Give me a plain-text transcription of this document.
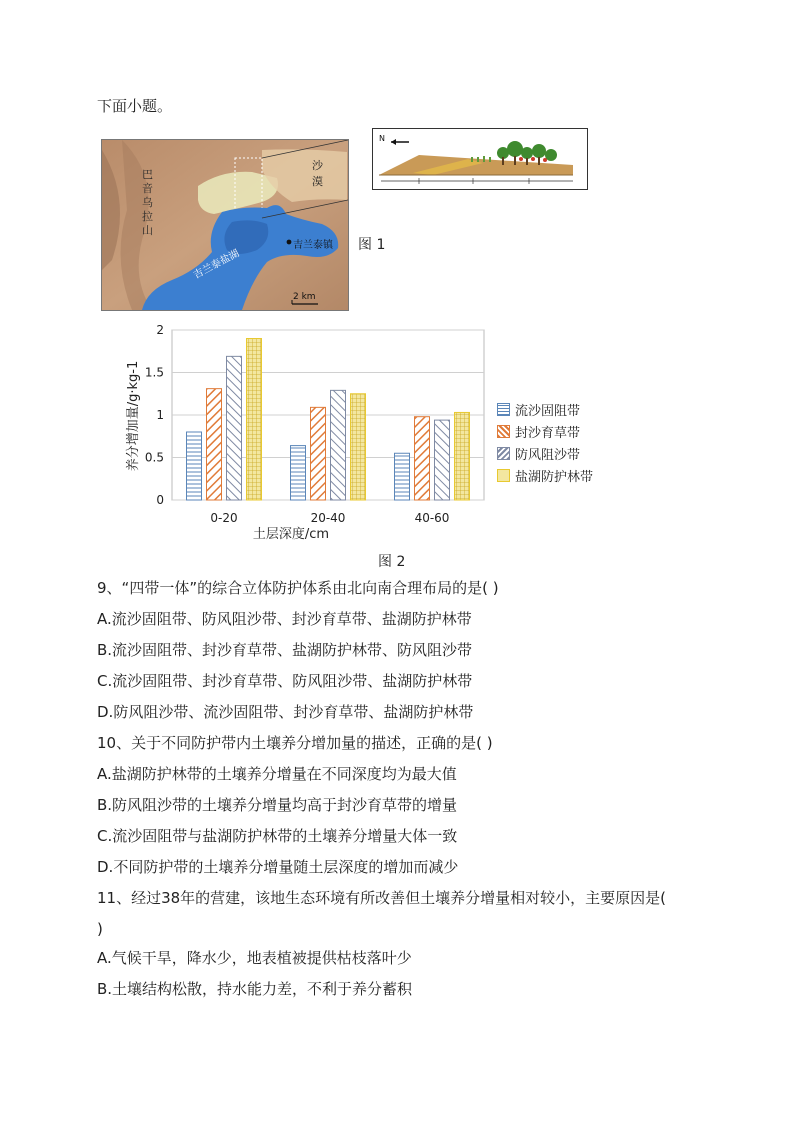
下面小题。
巴音乌拉山
沙漠
吉兰泰镇
吉兰泰盐湖
2 km
N
图 1
0
0.5
1
1.5
2
0-20	20-40	40-60
土层深度/cm
养分增加量/g·kg-1	流沙固阻带
封沙育草带
防风阻沙带
盐湖防护林带
图 2
9、“四带一体”的综合立体防护体系由北向南合理布局的是( )
A.流沙固阻带、防风阻沙带、封沙育草带、盐湖防护林带
B.流沙固阻带、封沙育草带、盐湖防护林带、防风阻沙带
C.流沙固阻带、封沙育草带、防风阻沙带、盐湖防护林带
D.防风阻沙带、流沙固阻带、封沙育草带、盐湖防护林带
10、关于不同防护带内土壤养分增加量的描述，正确的是( )
A.盐湖防护林带的土壤养分增量在不同深度均为最大值
B.防风阻沙带的土壤养分增量均高于封沙育草带的增量
C.流沙固阻带与盐湖防护林带的土壤养分增量大体一致
D.不同防护带的土壤养分增量随土层深度的增加而减少
11、经过38年的营建，该地生态环境有所改善但土壤养分增量相对较小，主要原因是(
)
A.气候干旱，降水少，地表植被提供枯枝落叶少
B.土壤结构松散，持水能力差，不利于养分蓄积
